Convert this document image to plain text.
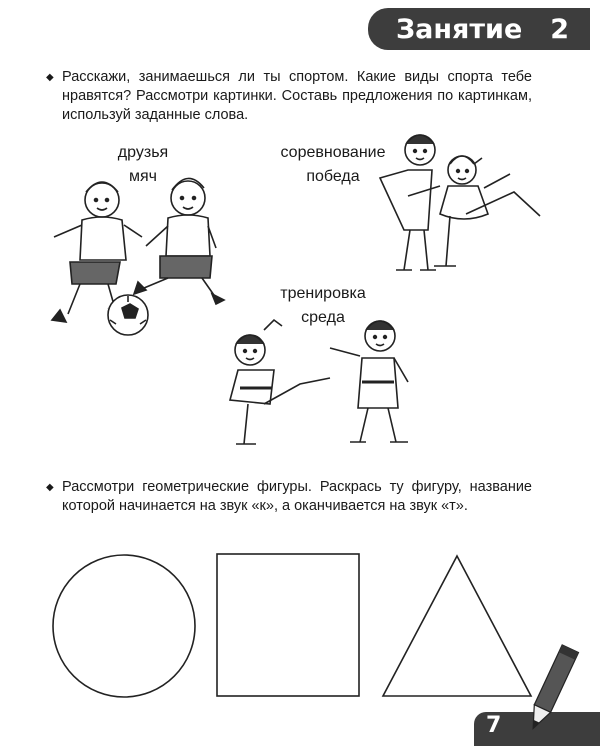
Занятие 2
◆ Расскажи, занимаешься ли ты спортом. Какие виды спорта тебе нравятся? Рассмотри картинки. Составь предложения по картинкам, используй заданные слова.
друзья
мяч
соревнование
победа
тренировка
среда
◆ Рассмотри геометрические фигуры. Раскрась ту фигуру, название которой начинается на звук «к», а оканчивается на звук «т».
7
